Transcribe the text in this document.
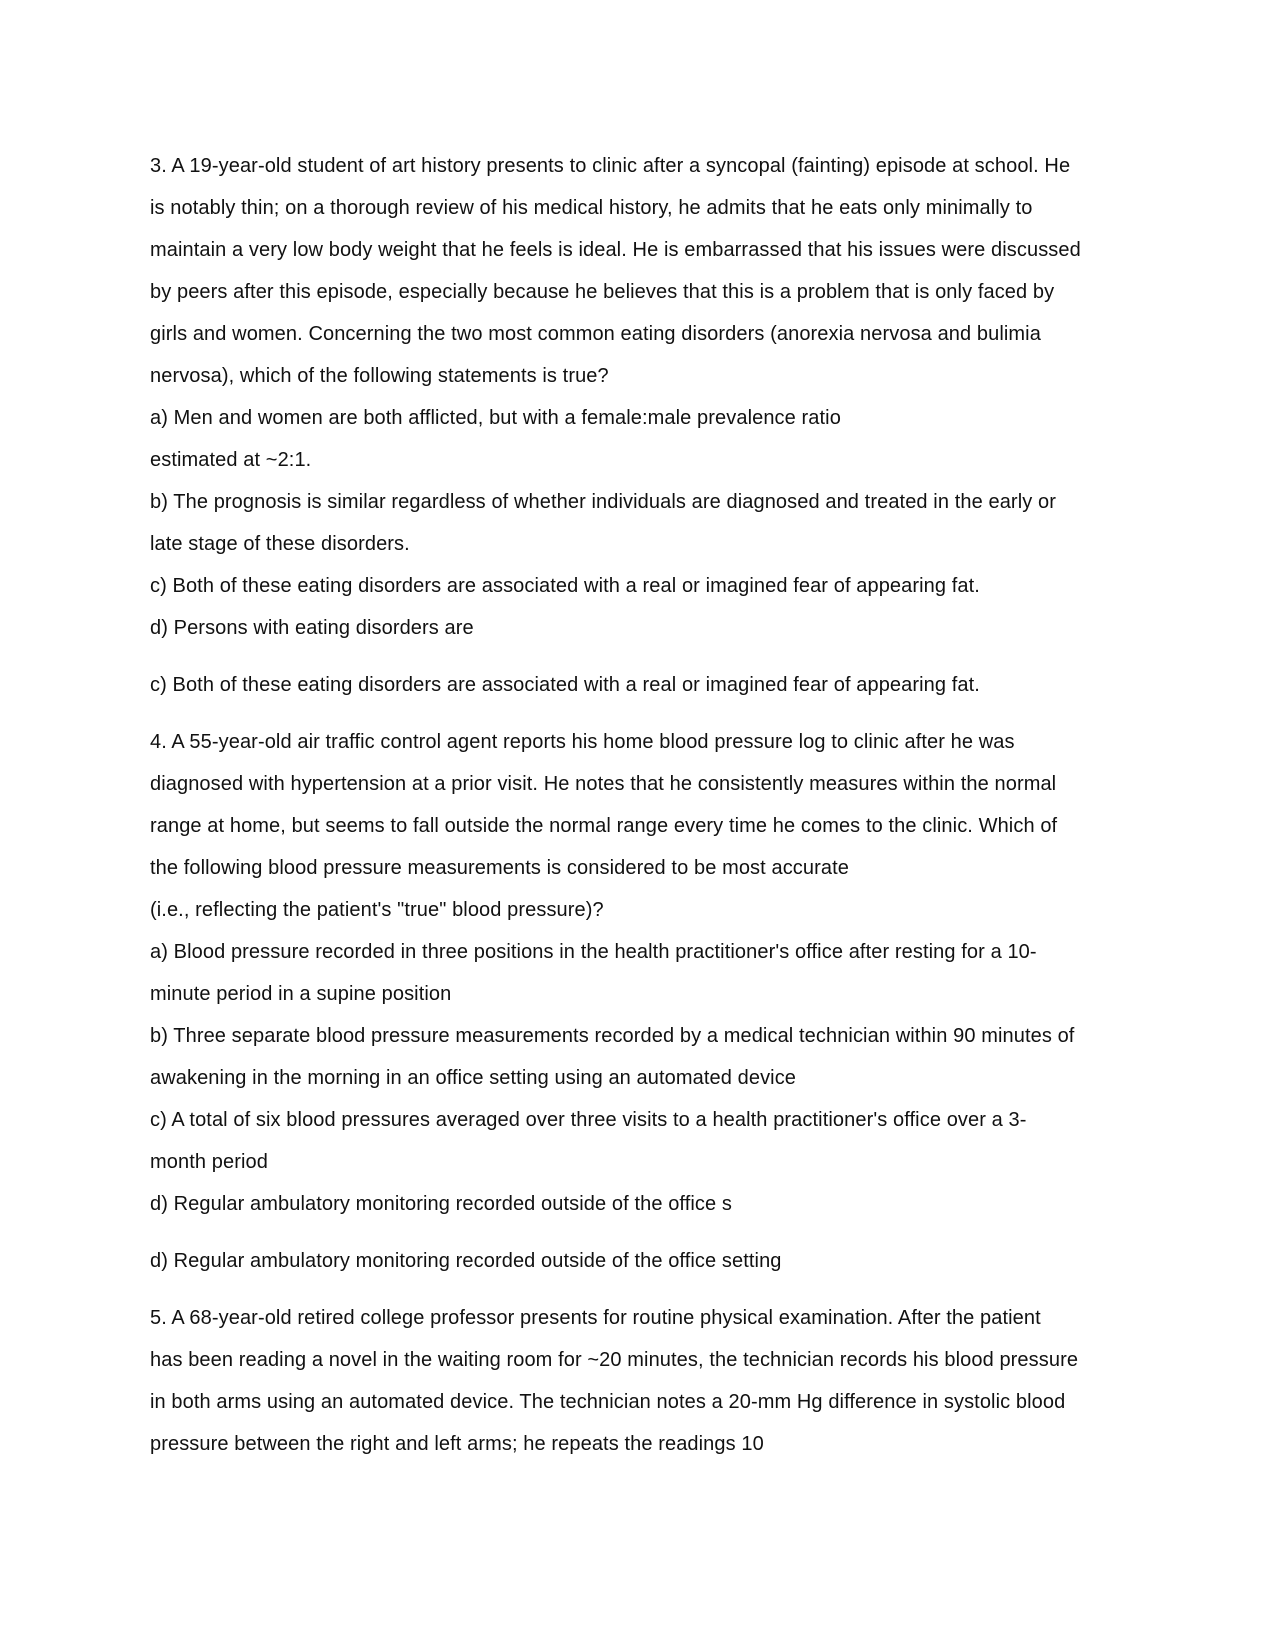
3. A 19-year-old student of art history presents to clinic after a syncopal (fainting) episode at school. He
is notably thin; on a thorough review of his medical history, he admits that he eats only minimally to
maintain a very low body weight that he feels is ideal. He is embarrassed that his issues were discussed
by peers after this episode, especially because he believes that this is a problem that is only faced by
girls and women. Concerning the two most common eating disorders (anorexia nervosa and bulimia
nervosa), which of the following statements is true?
a) Men and women are both afflicted, but with a female:male prevalence ratio
estimated at ~2:1.
b) The prognosis is similar regardless of whether individuals are diagnosed and treated in the early or
late stage of these disorders.
c) Both of these eating disorders are associated with a real or imagined fear of appearing fat.
d) Persons with eating disorders are
c) Both of these eating disorders are associated with a real or imagined fear of appearing fat.
4. A 55-year-old air traffic control agent reports his home blood pressure log to clinic after he was
diagnosed with hypertension at a prior visit. He notes that he consistently measures within the normal
range at home, but seems to fall outside the normal range every time he comes to the clinic. Which of
the following blood pressure measurements is considered to be most accurate
(i.e., reflecting the patient's "true" blood pressure)?
a) Blood pressure recorded in three positions in the health practitioner's office after resting for a 10-
minute period in a supine position
b) Three separate blood pressure measurements recorded by a medical technician within 90 minutes of
awakening in the morning in an office setting using an automated device
c) A total of six blood pressures averaged over three visits to a health practitioner's office over a 3-
month period
d) Regular ambulatory monitoring recorded outside of the office s
d) Regular ambulatory monitoring recorded outside of the office setting
5. A 68-year-old retired college professor presents for routine physical examination. After the patient
has been reading a novel in the waiting room for ~20 minutes, the technician records his blood pressure
in both arms using an automated device. The technician notes a 20-mm Hg difference in systolic blood
pressure between the right and left arms; he repeats the readings 10
